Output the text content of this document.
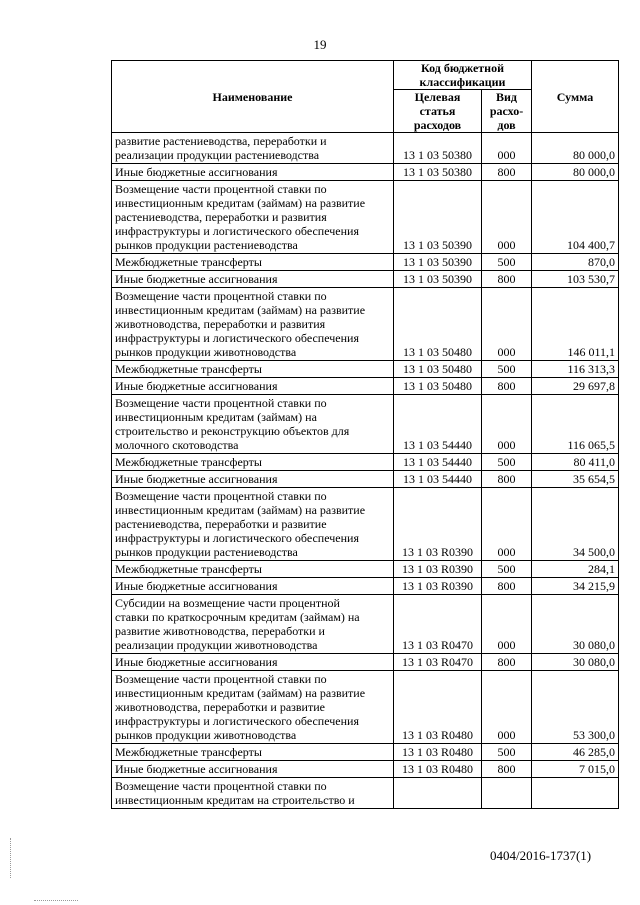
19
Наименование	Код бюджетной классификации		Сумма
	Целевая статья расходов	Вид расхо-дов	
развитие растениеводства, переработки и
реализации продукции растениеводства	13 1 03 50380	000	80 000,0
Иные бюджетные ассигнования	13 1 03 50380	800	80 000,0
Возмещение части процентной ставки по
инвестиционным кредитам (займам) на развитие
растениеводства, переработки и развития
инфраструктуры и логистического обеспечения
рынков продукции растениеводства	13 1 03 50390	000	104 400,7
Межбюджетные трансферты	13 1 03 50390	500	870,0
Иные бюджетные ассигнования	13 1 03 50390	800	103 530,7
Возмещение части процентной ставки по
инвестиционным кредитам (займам) на развитие
животноводства, переработки и развития
инфраструктуры и логистического обеспечения
рынков продукции животноводства	13 1 03 50480	000	146 011,1
Межбюджетные трансферты	13 1 03 50480	500	116 313,3
Иные бюджетные ассигнования	13 1 03 50480	800	29 697,8
Возмещение части процентной ставки по
инвестиционным кредитам (займам) на
строительство и реконструкцию объектов для
молочного скотоводства	13 1 03 54440	000	116 065,5
Межбюджетные трансферты	13 1 03 54440	500	80 411,0
Иные бюджетные ассигнования	13 1 03 54440	800	35 654,5
Возмещение части процентной ставки по
инвестиционным кредитам (займам) на развитие
растениеводства, переработки и развитие
инфраструктуры и логистического обеспечения
рынков продукции растениеводства	13 1 03 R0390	000	34 500,0
Межбюджетные трансферты	13 1 03 R0390	500	284,1
Иные бюджетные ассигнования	13 1 03 R0390	800	34 215,9
Субсидии на возмещение части процентной
ставки по краткосрочным кредитам (займам) на
развитие животноводства, переработки и
реализации продукции животноводства	13 1 03 R0470	000	30 080,0
Иные бюджетные ассигнования	13 1 03 R0470	800	30 080,0
Возмещение части процентной ставки по
инвестиционным кредитам (займам) на развитие
животноводства, переработки и развитие
инфраструктуры и логистического обеспечения
рынков продукции животноводства	13 1 03 R0480	000	53 300,0
Межбюджетные трансферты	13 1 03 R0480	500	46 285,0
Иные бюджетные ассигнования	13 1 03 R0480	800	7 015,0
Возмещение части процентной ставки по
инвестиционным кредитам на строительство и			
0404/2016-1737(1)
